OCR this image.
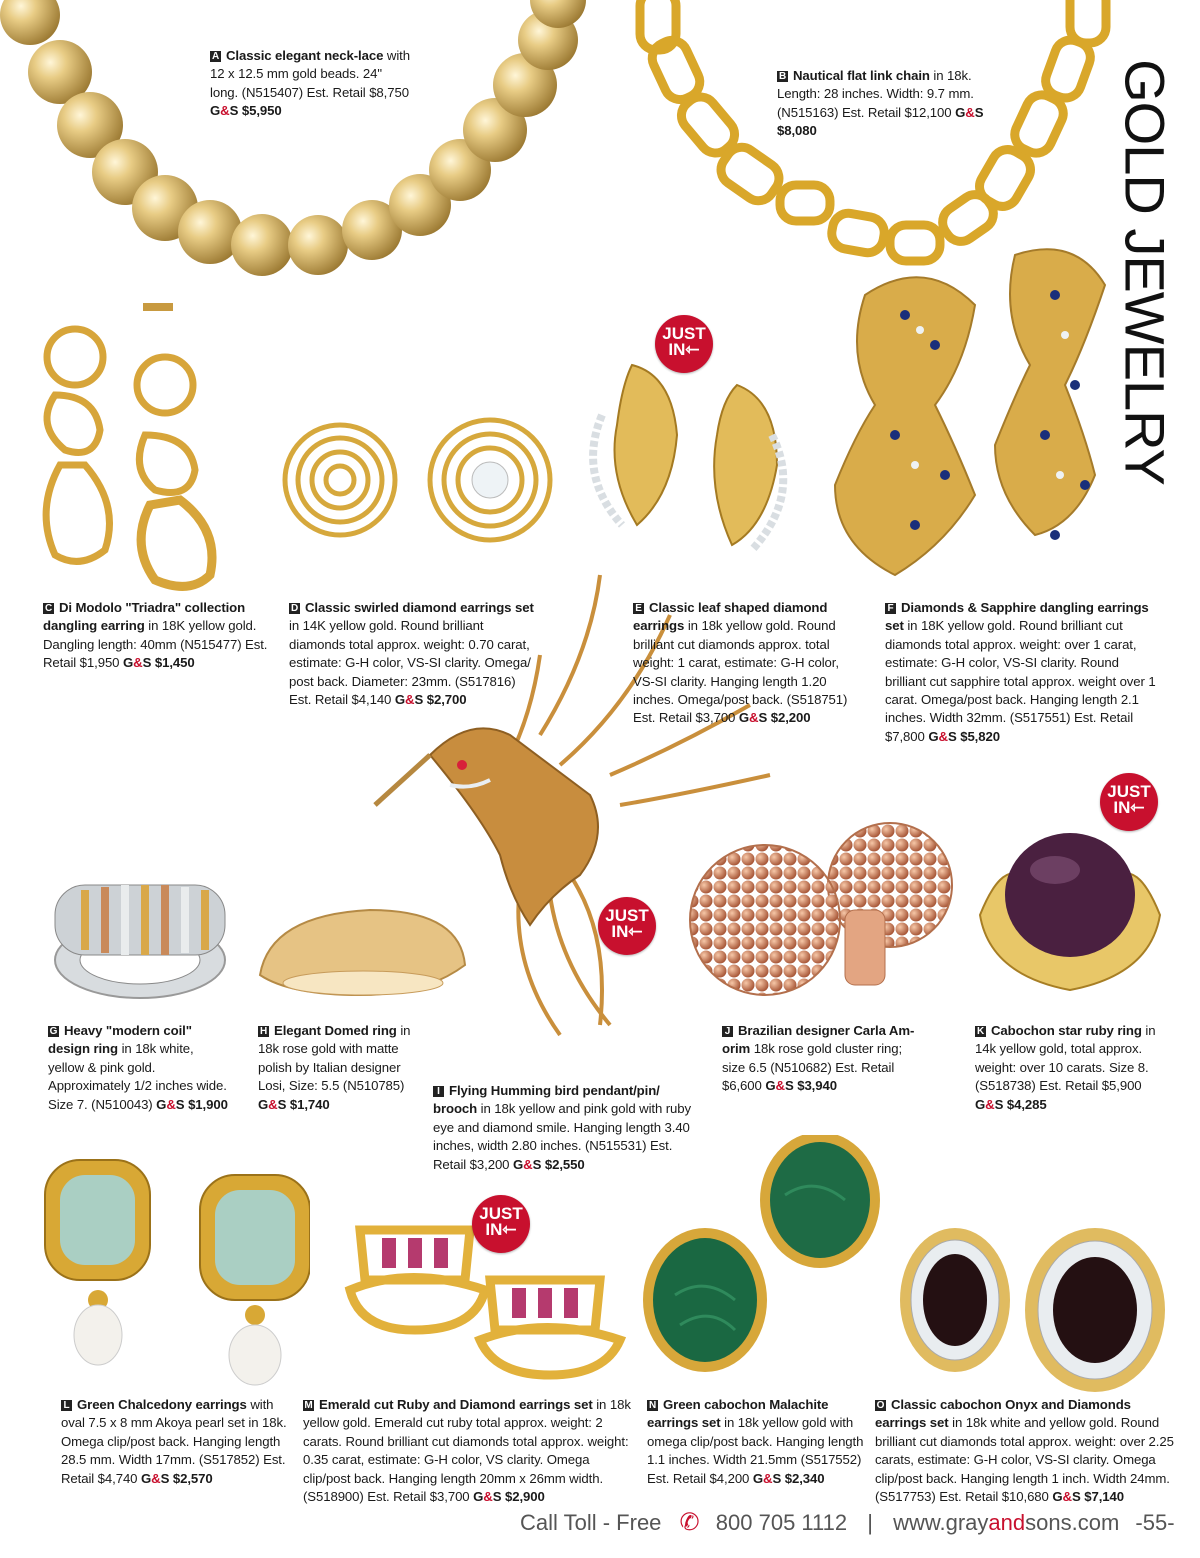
JUST
IN⇽
JUST
IN⇽
JUST
IN⇽
JUST
IN⇽
GOLD JEWELRY
A Classic elegant neck-lace with 12 x 12.5 mm gold beads. 24" long. (N515407) Est. Retail $8,750 G&S $5,950
B Nautical flat link chain in 18k. Length: 28 inches. Width: 9.7 mm. (N515163) Est. Retail $12,100 G&S $8,080
C Di Modolo "Triadra" collection dangling earring in 18K yellow gold. Dangling length: 40mm (N515477) Est. Retail $1,950 G&S $1,450
D Classic swirled diamond earrings set in 14K yellow gold. Round brilliant diamonds total approx. weight: 0.70 carat, estimate: G-H color, VS-SI clarity. Omega/ post back. Diameter: 23mm. (S517816) Est. Retail $4,140 G&S $2,700
E Classic leaf shaped diamond earrings in 18k yellow gold. Round brilliant cut diamonds approx. total weight: 1 carat, estimate: G-H color, VS-SI clarity. Hanging length 1.20 inches. Omega/post back. (S518751) Est. Retail $3,700 G&S $2,200
F Diamonds & Sapphire dangling earrings set in 18K yellow gold. Round brilliant cut diamonds total approx. weight: over 1 carat, estimate: G-H color, VS-SI clarity. Round brilliant cut sapphire total approx. weight over 1 carat. Omega/post back. Hanging length 2.1 inches. Width 32mm. (S517551) Est. Retail $7,800 G&S $5,820
G Heavy "modern coil" design ring in 18k white, yellow & pink gold. Approximately 1/2 inches wide. Size 7. (N510043) G&S $1,900
H Elegant Domed ring in 18k rose gold with matte polish by Italian designer Losi, Size: 5.5 (N510785) G&S $1,740
I Flying Humming bird pendant/pin/ brooch in 18k yellow and pink gold with ruby eye and diamond smile. Hanging length 3.40 inches, width 2.80 inches. (N515531) Est. Retail $3,200 G&S $2,550
J Brazilian designer Carla Am-orim 18k rose gold cluster ring; size 6.5 (N510682) Est. Retail $6,600 G&S $3,940
K Cabochon star ruby ring in 14k yellow gold, total approx. weight: over 10 carats. Size 8. (S518738) Est. Retail $5,900 G&S $4,285
L Green Chalcedony earrings with oval 7.5 x 8 mm Akoya pearl set in 18k. Omega clip/post back. Hanging length 28.5 mm. Width 17mm. (S517852) Est. Retail $4,740 G&S $2,570
M Emerald cut Ruby and Diamond earrings set in 18k yellow gold. Emerald cut ruby total approx. weight: 2 carats. Round brilliant cut diamonds total approx. weight: 0.35 carat, estimate: G-H color, VS clarity. Omega clip/post back. Hanging length 20mm x 26mm width. (S518900) Est. Retail $3,700 G&S $2,900
N Green cabochon Malachite earrings set in 18k yellow gold with omega clip/post back. Hanging length 1.1 inches. Width 21.5mm (S517552) Est. Retail $4,200 G&S $2,340
O Classic cabochon Onyx and Diamonds earrings set in 18k white and yellow gold. Round brilliant cut diamonds total approx. weight: over 2.25 carats, estimate: G-H color, VS-SI clarity. Omega clip/post back. Hanging length 1 inch. Width 24mm. (S517753) Est. Retail $10,680 G&S $7,140
Call Toll - Free ✆ 800 705 1112 | www.grayandsons.com -55-
